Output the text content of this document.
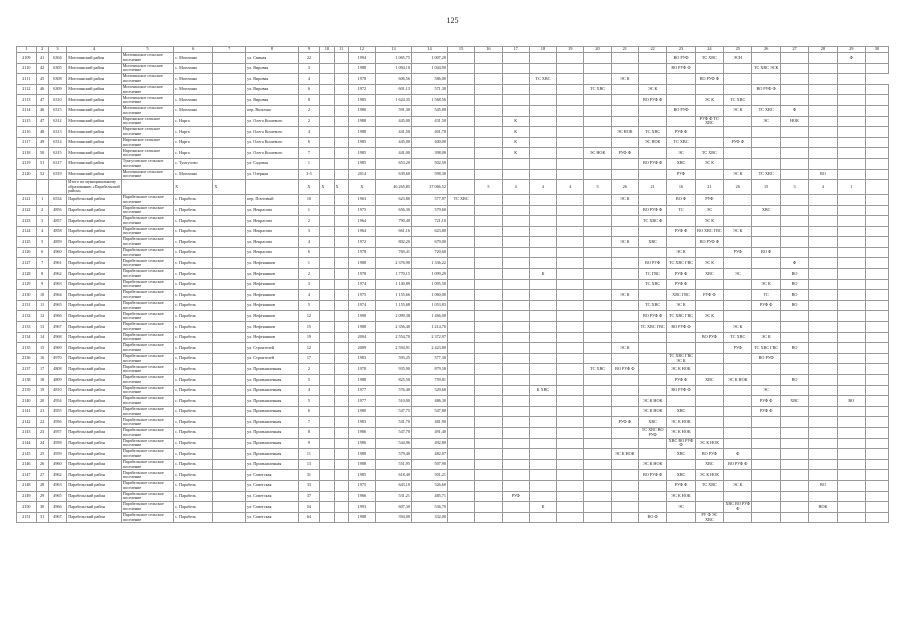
125
1	2	3	4	5	6	7	8	9	10	11	12	13	14	15	16	17	18	19	20	21	22	23	24	25	26	27	28	29	30
2109	41	6304	Могочинский район	Могочинское сельское поселение	с. Могочино		ул. Свиная	22			1994	1 065,75	1 007,20									ВО РУФ	ТС ХВС	ЭСН				Ф	
2110	42	6305	Могочинский район	Могочинское сельское поселение	с. Могочино		ул. Вировая	3			1988	1 094,10	1 044,90									ВО РУФ Ф			ТС ХВС ЭСК				
2111	45	6308	Могочинский район	Могочинское сельское поселение	с. Могочино		ул. Вировая	4			1978	606,56	586,00				ТС ХВС			ЭС К			ВО РУФ Ф						
2112	46	6309	Могочинский район	Могочинское сельское поселение	с. Могочино		ул. Вировая	6			1972	601,13	571,30						ТС ХВС		ЭС К				ВО РУФ Ф				
2113	47	6310	Могочинский район	Могочинское сельское поселение	с. Могочино		ул. Вировая	8			1985	1 624,35	1 568,56								ВО РУФ Ф		ЭС К	ТС ХВС					
2114	46	6315	Могочинский район	Могочинское сельское поселение	с. Могочино		пер. Вилочна	2			1980	591,30	545,80									ВО РУФ		ЭС К	ТС ХВС	Ф			
2115	47	6312	Могочинский район	Наргинское сельское поселение	с. Нарга		ул. Олега Кошевого	2			1988	445,00	431,50			К							РУФ Ф ТС ХВС		ЭС	НОК			
2116	48	6313	Могочинский район	Наргинское сельское поселение	с. Нарга		ул. Олега Кошевого	4			1988	441,50	401,70			К				ЭС НОК	ТС ХВС	РУФ Ф							
2117	49	6314	Могочинский район	Наргинское сельское поселение	с. Нарга		ул. Олега Кошевого	6			1985	445,00	400,00			К					ЭС НОК	ТС ХВС		РУФ Ф					
2118	50	6315	Могочинский район	Наргинское сельское поселение	с. Нарга		ул. Олега Кошевого	7			1985	441,00	398,00			К			ЭС НОК	РУФ Ф		ЭС	ТС ХВС						
2119	51	6317	Могочинский район	Тунгусовское сельское поселение	с. Тунгусово		ул. Садовая	1			1985	653,20	502,50								ВО РУФ Ф	ХВС	ЭС К						
2120	52	6319	Могочинский район	Могочинское сельское поселение	с. Могочино		ул. Озёрная	3-5			2014	639,60	598,30									РУФ		ЭС К	ТС ХВС		ВО		
			Итого по муниципальному образованию «Парабельский район»		Х	Х		Х	Х	Х	Х	46 265,85	37 066,52		5	4	4	4	5	26	21	16	21	26	15	3	4	1	
2121	1	6534	Парабельский район	Парабельское сельское поселение	с. Парабель		пер. Почтовый	10			1963	623,80	577,97	ТС ХВС						ЭС К		ВО Ф	РУФ						
2122	2	4856	Парабельский район	Парабельское сельское поселение	с. Парабель		ул. Некрасова	1			1975	656,30	579,60								ВО РУФ Ф	ТС	ЭС		ХВС				
2123	3	4857	Парабельский район	Парабельское сельское поселение	с. Парабель		ул. Некрасова	2			1964	790,40	721,10								ТС ХВС Ф		ЭС К						
2124	4	4858	Парабельский район	Парабельское сельское поселение	с. Парабель		ул. Некрасова	3			1964	661,16	623,80									РУФ Ф	ВО ХВС ГВС	ЭС К					
2125	5	4859	Парабельский район	Парабельское сельское поселение	с. Парабель		ул. Некрасова	4			1972	802,20	679,00							ЭС К	ХВС		ВО РУФ Ф						
2126	6	4960	Парабельский район	Парабельское сельское поселение	с. Парабель		ул. Некрасова	6			1978	769,41	720,60									ЭС К		РУФ	ВО Ф				
2127	7	4961	Парабельский район	Парабельское сельское поселение	с. Парабель		ул. Нефтяников	1			1988	2 376,90	1 336,22								ВО РУФ	ТС ХВС ГВС	ЭС К			Ф			
2128	8	4962	Парабельский район	Парабельское сельское поселение	с. Парабель		ул. Нефтяников	2			1978	1 770,15	1 099,29				К				ТС ГВС	РУФ Ф	ХВС	ЭС		ВО			
2129	9	4963	Парабельский район	Парабельское сельское поселение	с. Парабель		ул. Нефтяников	3			1974	1 140,89	1 095,50								ТС ХВС	РУФ Ф			ЭС К	ВО			
2130	10	4964	Парабельский район	Парабельское сельское поселение	с. Парабель		ул. Нефтяников	4			1975	1 155,66	1 060,00							ЭС К		ХВС ГВС	РУФ Ф		ТС	ВО			
2131	11	4965	Парабельский район	Парабельское сельское поселение	с. Парабель		ул. Нефтяников	5			1974	1 155,68	1 053,83								ТС ХВС	ЭС К			РУФ Ф	ВО			
2132	12	4966	Парабельский район	Парабельское сельское поселение	с. Парабель		ул. Нефтяников	12			1990	2 099,38	1 466,00								ВО РУФ Ф	ТС ХВС ГВС	ЭС К						
2133	13	4967	Парабельский район	Парабельское сельское поселение	с. Парабель		ул. Нефтяников	15			1988	2 356,40	1 214,70								ТС ХВС ГВС	ВО РУФ Ф		ЭС К					
2134	14	4968	Парабельский район	Парабельское сельское поселение	с. Парабель		ул. Нефтяников	19			2004	2 554,70	2 372,97										ВО РУФ	ТС ХВС	ЭС К				
2135	15	4969	Парабельский район	Парабельское сельское поселение	с. Парабель		ул. Строителей	12			2009	2 594,91	2 423,80							ЭС К				РУФ	ТС ХВС ГВС	ВО			
2136	16	4970	Парабельский район	Парабельское сельское поселение	с. Парабель		ул. Строителей	17			1983	593,25	577,30									ТС ХВС ГВС ЭС К			ВО РУФ				
2137	17	4808	Парабельский район	Парабельское сельское поселение	с. Парабель		ул. Промышленная	2			1978	935,90	879,50						ТС ХВС	ВО РУФ Ф		ЭС К НОК							
2138	18	4809	Парабельский район	Парабельское сельское поселение	с. Парабель		ул. Промышленная	5			1988	825,50	759,81									РУФ Ф	ХВС	ЭС К НОК		ВО			
2139	19	4810	Парабельский район	Парабельское сельское поселение	с. Парабель		ул. Промышленная	4			1977	576,40	529,60				К ХВС					ВО РУФ Ф			ЭС				
2140	20	4954	Парабельский район	Парабельское сельское поселение	с. Парабель		ул. Промышленная	5			1977	510,00	486,30								ЭС К НОК				РУФ Ф	ХВС		ВО	
2141	21	4955	Парабельский район	Парабельское сельское поселение	с. Парабель		ул. Промышленная	6			1980	547,75	547,80								ЭС К НОК	ХВС			РУФ Ф				
2142	22	4956	Парабельский район	Парабельское сельское поселение	с. Парабель		ул. Промышленная	7			1983	541,70	481,90							РУФ Ф	ХВС	ЭС К НОК							
2143	23	4957	Парабельский район	Парабельское сельское поселение	с. Парабель		ул. Промышленная	8			1986	547,70	491,40								ТС ХВС ВО РУФ	ЭС К НОК							
2144	24	4958	Парабельский район	Парабельское сельское поселение	с. Парабель		ул. Промышленная	9			1986	544,96	492,80									ХВС ВО РУФ Ф	ЭС К НОК						
2145	25	4959	Парабельский район	Парабельское сельское поселение	с. Парабель		ул. Промышленная	11			1988	579,40	482,07							ЭС К НОК		ХВС	ВО РУФ	Ф					
2146	26	4960	Парабельский район	Парабельское сельское поселение	с. Парабель		ул. Промышленная	13			1988	551,95	507,90								ЭС К НОК		ХВС	ВО РУФ Ф					
2147	27	4962	Парабельский район	Парабельское сельское поселение	с. Парабель		ул. Советская	31			1985	618,40	501,21								ВО РУФ Ф	ХВС	ЭС К НОК						
2148	28	4963	Парабельский район	Парабельское сельское поселение	с. Парабель		ул. Советская	33			1975	643,10	526,60									РУФ Ф	ТС ХВС	ЭС К			ВО		
2149	29	4965	Парабельский район	Парабельское сельское поселение	с. Парабель		ул. Советская	37			1966	531,21	485,71			РУФ						ЭС К НОК							
2150	30	4966	Парабельский район	Парабельское сельское поселение	с. Парабель		ул. Советская	54			1993	607,30	536,70				К					ЭС		ХВС ВО РУФ Ф			НОК		
2151	31	4967	Парабельский район	Парабельское сельское поселение	с. Парабель		ул. Советская	64			1988	394,00	332,00								ВО Ф		РУ Ф ЭС ХВС						
